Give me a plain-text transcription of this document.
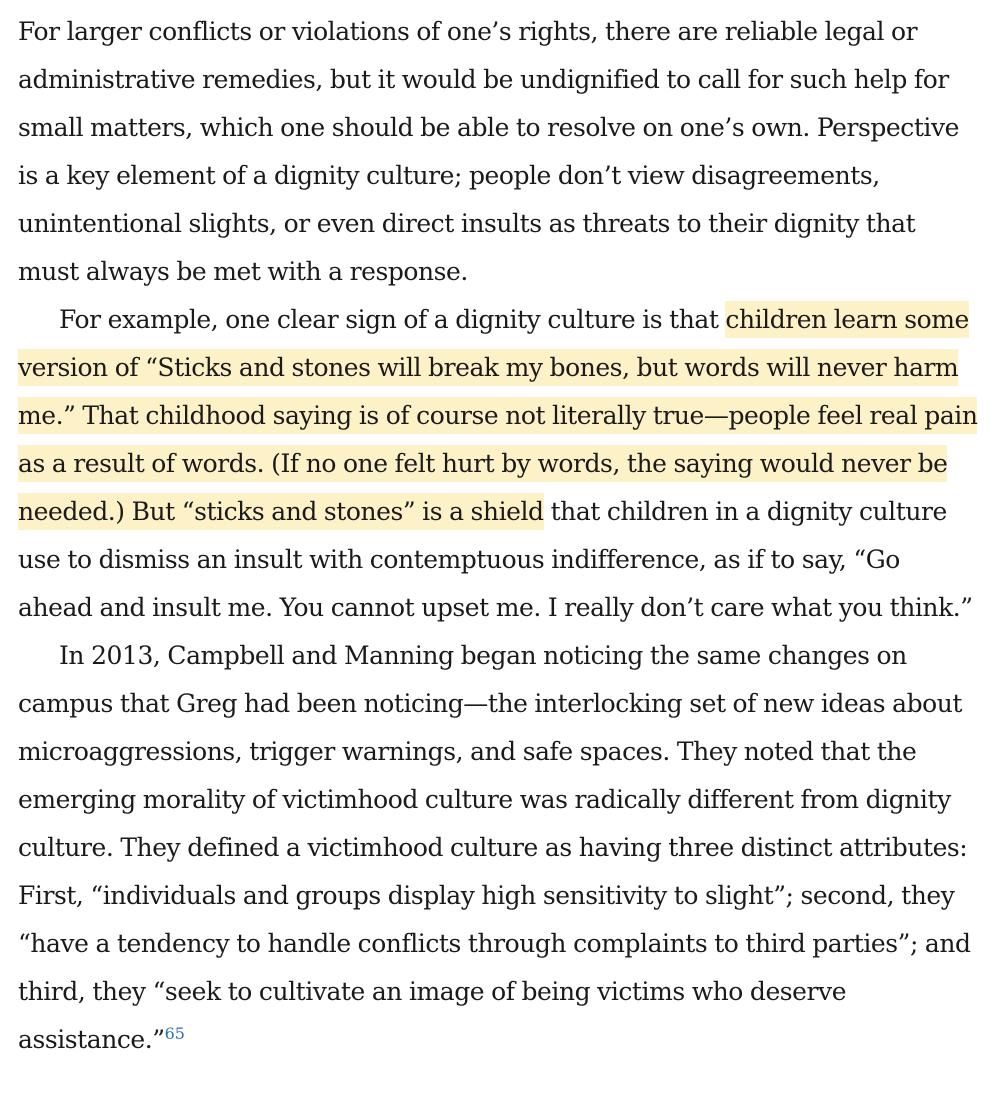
For larger conflicts or violations of one’s rights, there are reliable legal or administrative remedies, but it would be undignified to call for such help for small matters, which one should be able to resolve on one’s own. Perspective is a key element of a dignity culture; people don’t view disagreements, unintentional slights, or even direct insults as threats to their dignity that must always be met with a response.

For example, one clear sign of a dignity culture is that children learn some version of “Sticks and stones will break my bones, but words will never harm me.” That childhood saying is of course not literally true—people feel real pain as a result of words. (If no one felt hurt by words, the saying would never be needed.) But “sticks and stones” is a shield that children in a dignity culture use to dismiss an insult with contemptuous indifference, as if to say, “Go ahead and insult me. You cannot upset me. I really don’t care what you think.”

In 2013, Campbell and Manning began noticing the same changes on campus that Greg had been noticing—the interlocking set of new ideas about microaggressions, trigger warnings, and safe spaces. They noted that the emerging morality of victimhood culture was radically different from dignity culture. They defined a victimhood culture as having three distinct attributes: First, “individuals and groups display high sensitivity to slight”; second, they “have a tendency to handle conflicts through complaints to third parties”; and third, they “seek to cultivate an image of being victims who deserve assistance.”$^{65}$
